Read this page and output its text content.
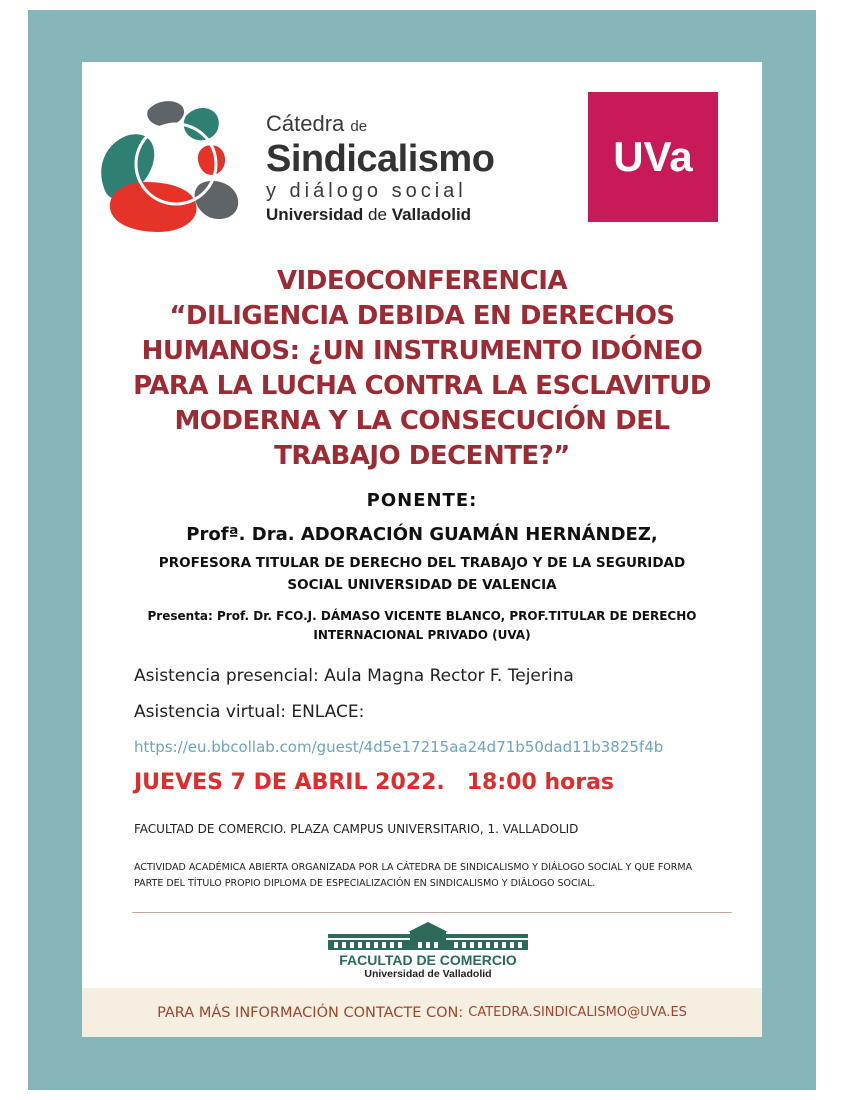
Cátedra de
Sindicalismo
y diálogo social
Universidad de Valladolid
UVa
VIDEOCONFERENCIA
“DILIGENCIA DEBIDA EN DERECHOS
HUMANOS: ¿UN INSTRUMENTO IDÓNEO
PARA LA LUCHA CONTRA LA ESCLAVITUD
MODERNA Y LA CONSECUCIÓN DEL
TRABAJO DECENTE?”
PONENTE:
Profª. Dra. ADORACIÓN GUAMÁN HERNÁNDEZ,
PROFESORA TITULAR DE DERECHO DEL TRABAJO Y DE LA SEGURIDAD
SOCIAL UNIVERSIDAD DE VALENCIA
Presenta: Prof. Dr. FCO.J. DÁMASO VICENTE BLANCO, PROF.TITULAR DE DERECHO
INTERNACIONAL PRIVADO (UVA)
Asistencia presencial: Aula Magna Rector F. Tejerina
Asistencia virtual: ENLACE:
https://eu.bbcollab.com/guest/4d5e17215aa24d71b50dad11b3825f4b
JUEVES 7 DE ABRIL 2022. 18:00 horas
FACULTAD DE COMERCIO. PLAZA CAMPUS UNIVERSITARIO, 1. VALLADOLID
ACTIVIDAD ACADÉMICA ABIERTA ORGANIZADA POR LA CÁTEDRA DE SINDICALISMO Y DIÁLOGO SOCIAL Y QUE FORMA
PARTE DEL TÍTULO PROPIO DIPLOMA DE ESPECIALIZACIÓN EN SINDICALISMO Y DIÁLOGO SOCIAL.
FACULTAD DE COMERCIO
Universidad de Valladolid
PARA MÁS INFORMACIÓN CONTACTE CON: CATEDRA.SINDICALISMO@UVA.ES
